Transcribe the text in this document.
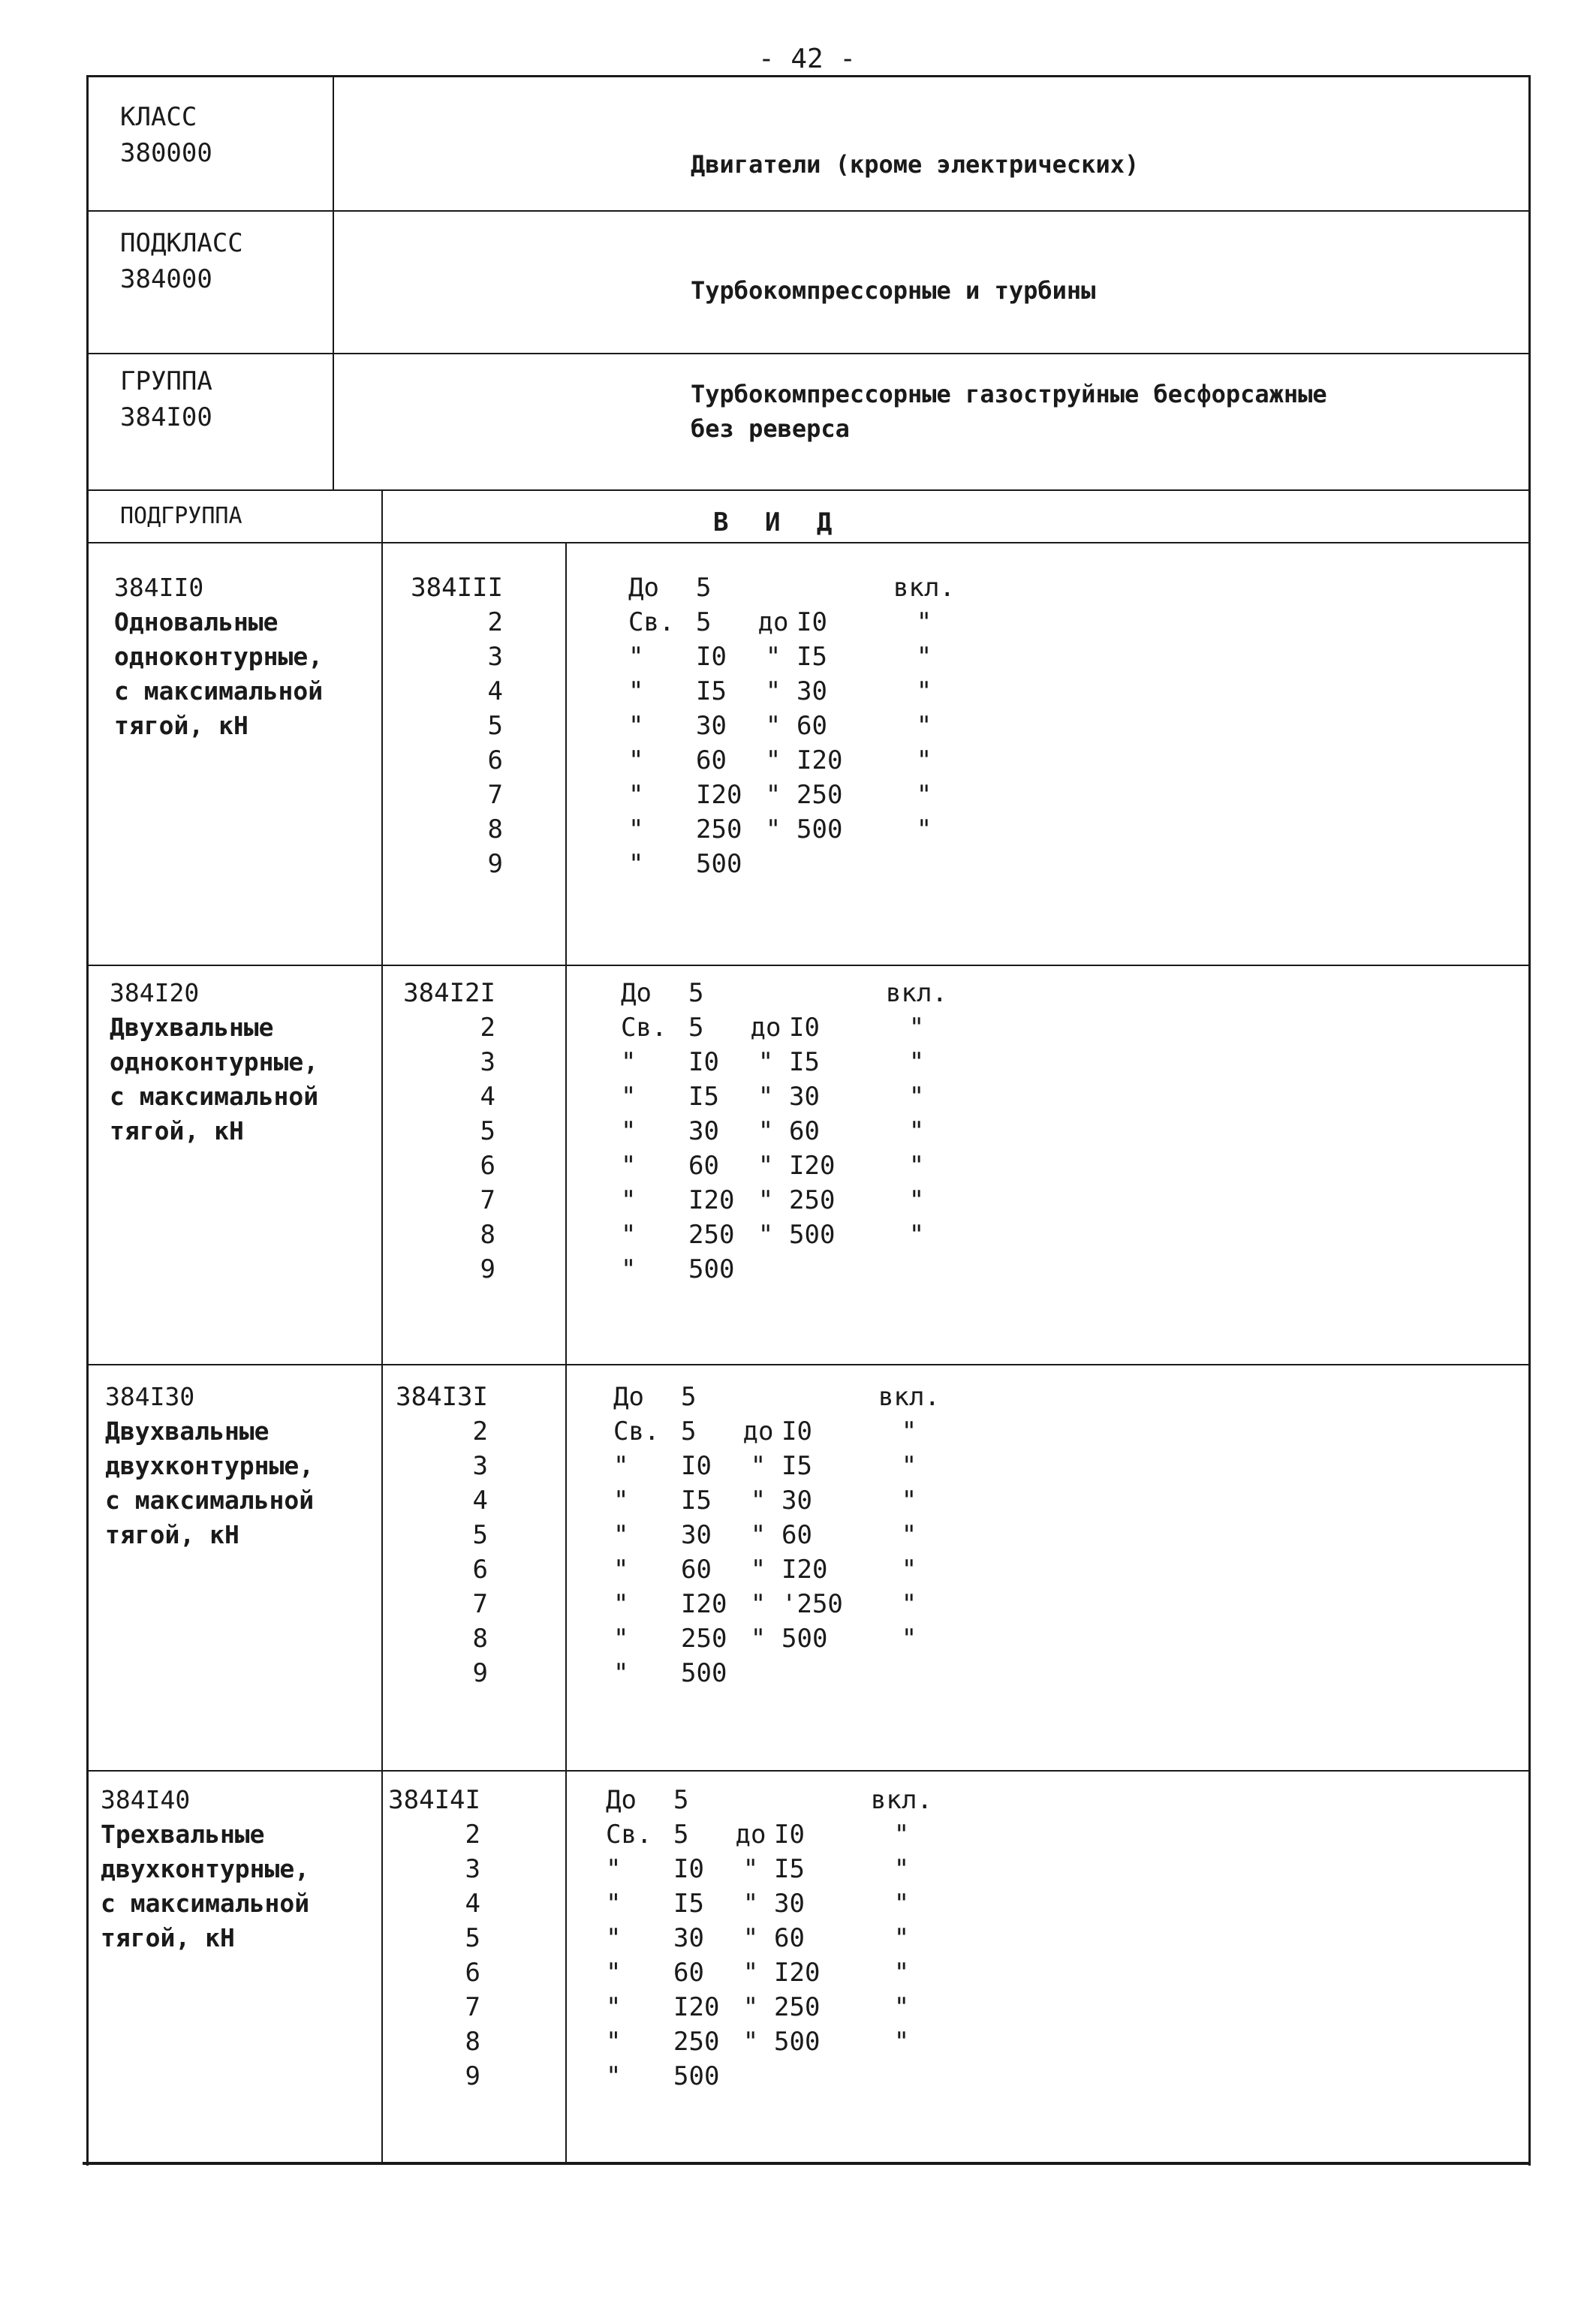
- 42 -
КЛАСС
380000	Двигатели (кроме электрических)
ПОДКЛАСС
384000	Турбокомпрессорные и турбины
ГРУППА
384I00
Турбокомпрессорные газоструйные бесфорсажные
без реверса
ПОДГРУППА	В И Д
384II0
Одновальные
одноконтурные,
с максимальной
тягой, кН
384III	До 5	вкл.
2	Св. 5 до I0	"
3	" I0 " I5	"
4	" I5 " 30	"
5	" 30 " 60	"
6	" 60 " I20	"
7	" I20 " 250	"
8	" 250 " 500	"
9	" 500
384I20
Двухвальные
одноконтурные,
с максимальной
тягой, кН
384I2I	До 5	вкл.
2	Св. 5 до I0	"
3	" I0 " I5	"
4	" I5 " 30	"
5	" 30 " 60	"
6	" 60 " I20	"
7	" I20 " 250	"
8	" 250 " 500	"
9	" 500
384I30
Двухвальные
двухконтурные,
с максимальной
тягой, кН
384I3I	До 5	вкл.
2	Св. 5 до I0	"
3	" I0 " I5	"
4	" I5 " 30	"
5	" 30 " 60	"
6	" 60 " I20	"
7	" I20 " '250 "
8	" 250 " 500	"
9	" 500
384I40
Трехвальные
двухконтурные,
с максимальной
тягой, кН
384I4I	До 5	вкл.
2	Св. 5 до I0	"
3	" I0 " I5	"
4	" I5 " 30	"
5	" 30 " 60	"
6	" 60 " I20	"
7	" I20 " 250	"
8	" 250 " 500	"
9	" 500
